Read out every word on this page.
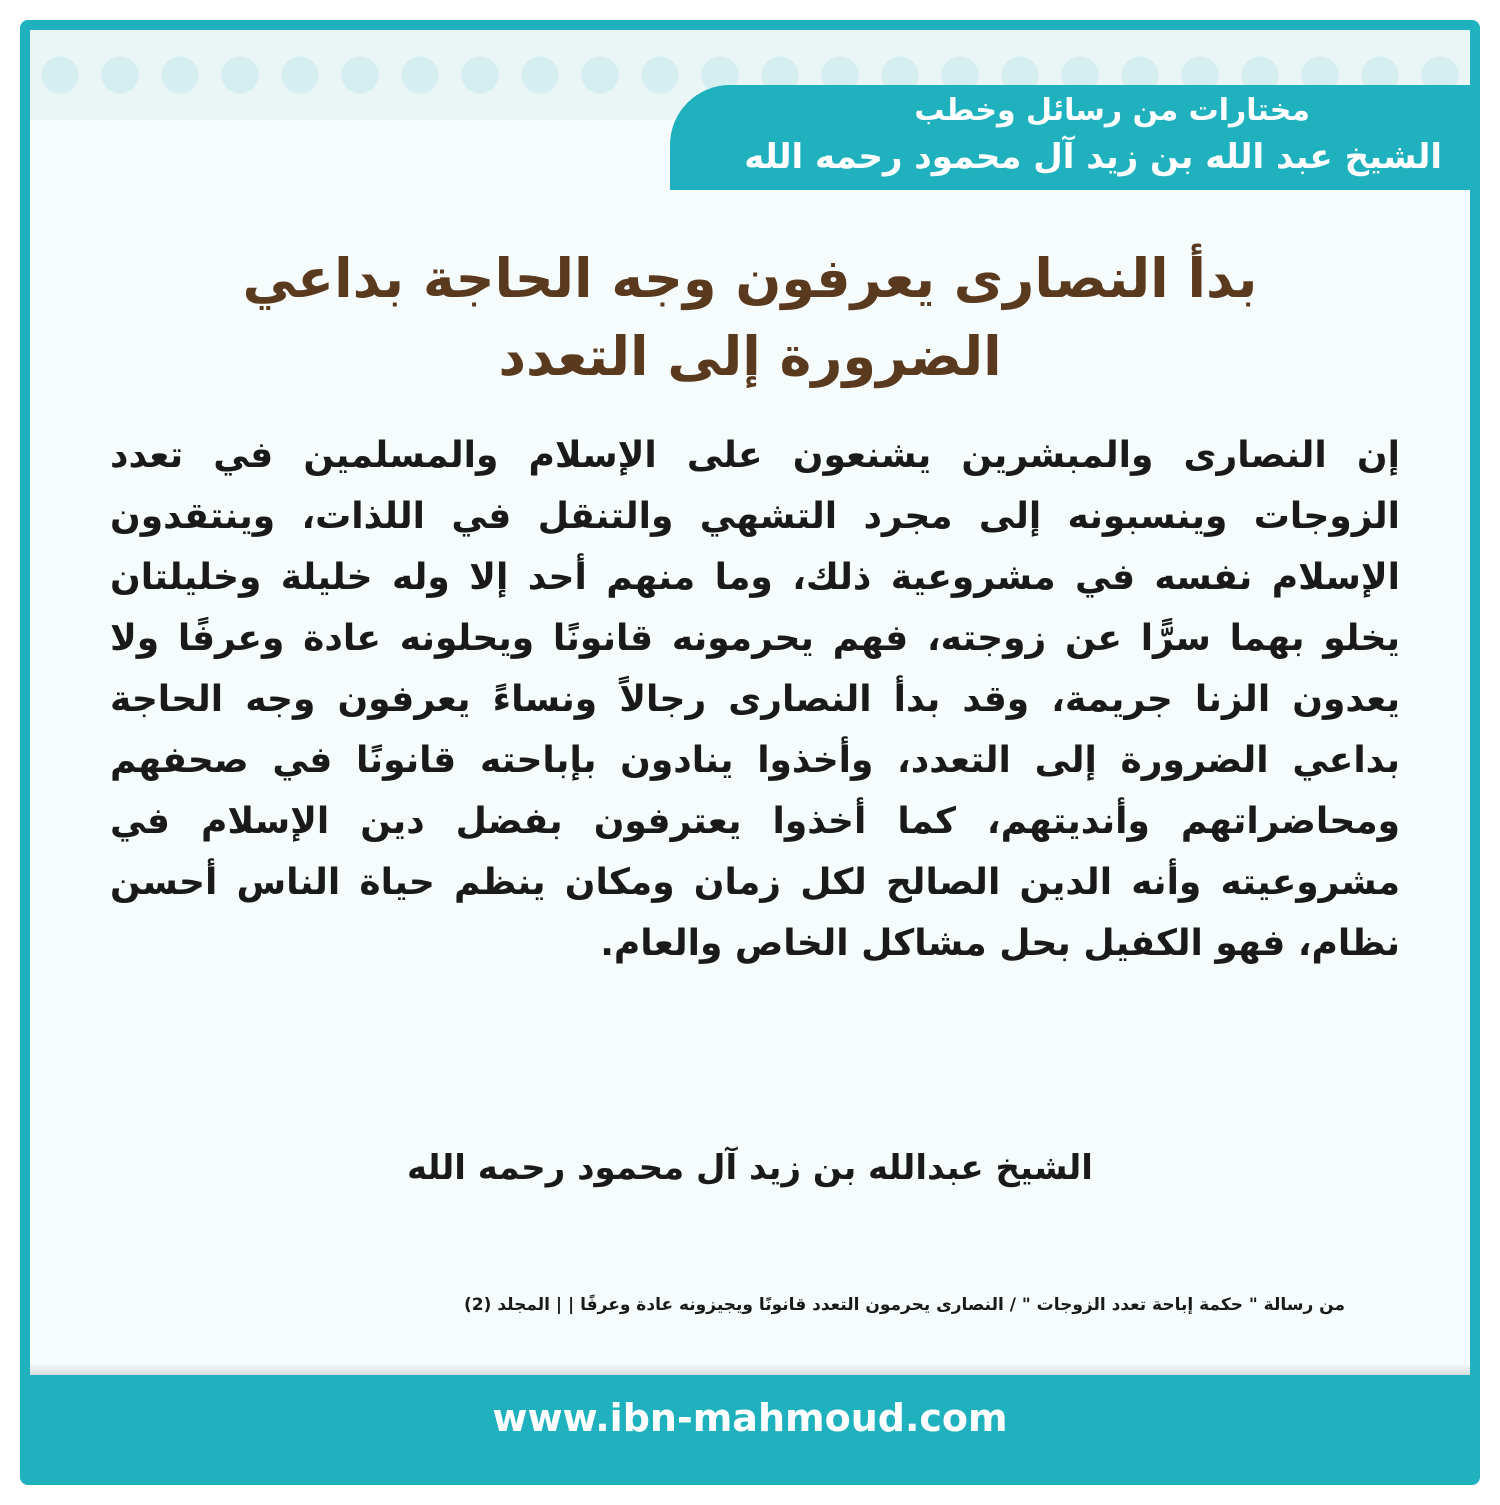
مختارات من رسائل وخطب
الشيخ عبد الله بن زيد آل محمود رحمه الله
بدأ النصارى يعرفون وجه الحاجة بداعي الضرورة إلى التعدد
إن النصارى والمبشرين يشنعون على الإسلام والمسلمين في تعدد الزوجات وينسبونه إلى مجرد التشهي والتنقل في اللذات، وينتقدون الإسلام نفسه في مشروعية ذلك، وما منهم أحد إلا وله خليلة وخليلتان يخلو بهما سرًّا عن زوجته، فهم يحرمونه قانونًا ويحلونه عادة وعرفًا ولا يعدون الزنا جريمة، وقد بدأ النصارى رجالاً ونساءً يعرفون وجه الحاجة بداعي الضرورة إلى التعدد، وأخذوا ينادون بإباحته قانونًا في صحفهم ومحاضراتهم وأنديتهم، كما أخذوا يعترفون بفضل دين الإسلام في مشروعيته وأنه الدين الصالح لكل زمان ومكان ينظم حياة الناس أحسن نظام، فهو الكفيل بحل مشاكل الخاص والعام.
الشيخ عبدالله بن زيد آل محمود رحمه الله
من رسالة " حكمة إباحة تعدد الزوجات " / النصارى يحرمون التعدد قانونًا ويجيزونه عادة وعرفًا | | المجلد (2)
www.ibn-mahmoud.com
